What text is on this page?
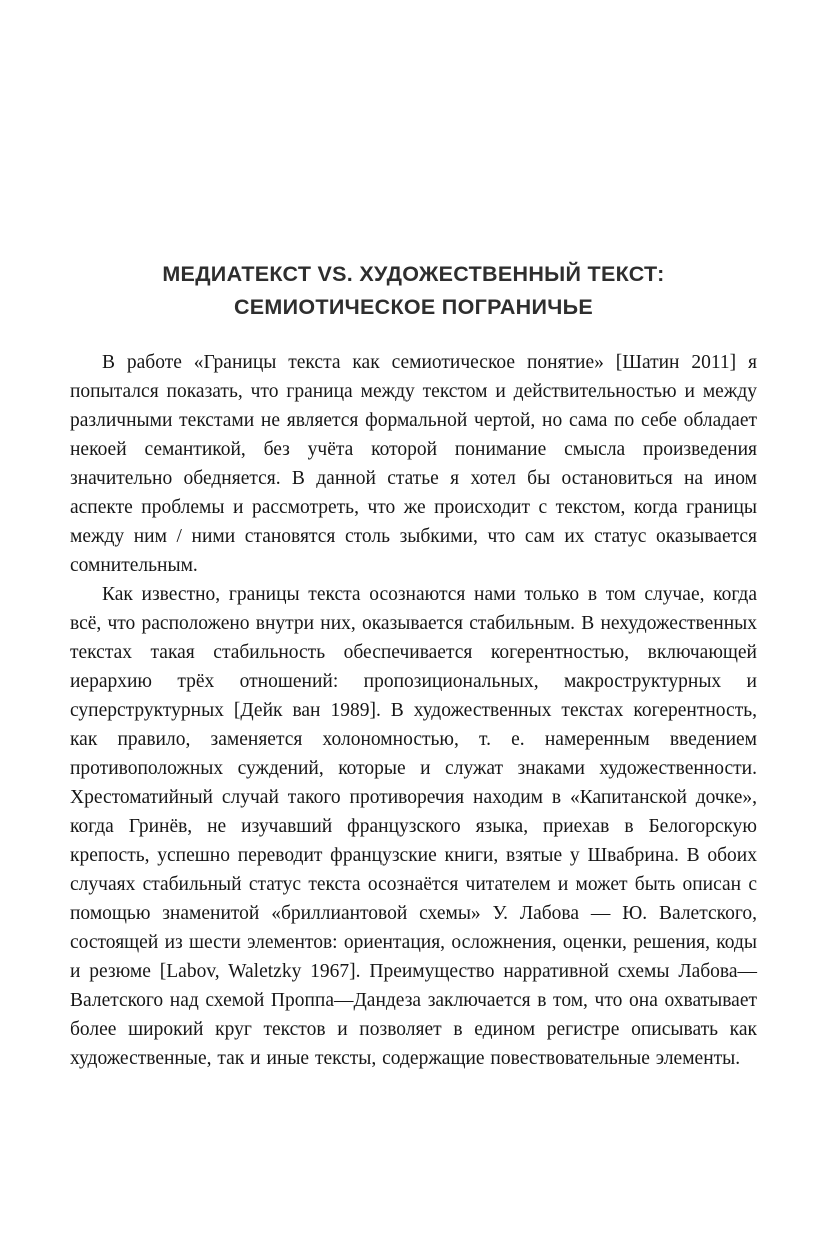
МЕДИАТЕКСТ VS. ХУДОЖЕСТВЕННЫЙ ТЕКСТ:
СЕМИОТИЧЕСКОЕ ПОГРАНИЧЬЕ

В работе «Границы текста как семиотическое понятие» [Шатин 2011] я попытался показать, что граница между текстом и действительностью и между различными текстами не является формальной чертой, но сама по себе обладает некоей семантикой, без учёта которой понимание смысла произведения значительно обедняется. В данной статье я хотел бы остановиться на ином аспекте проблемы и рассмотреть, что же происходит с текстом, когда границы между ним / ними становятся столь зыбкими, что сам их статус оказывается сомнительным.

Как известно, границы текста осознаются нами только в том случае, когда всё, что расположено внутри них, оказывается стабильным. В нехудожественных текстах такая стабильность обеспечивается когерентностью, включающей иерархию трёх отношений: пропозициональных, макроструктурных и суперструктурных [Дейк ван 1989]. В художественных текстах когерентность, как правило, заменяется холономностью, т. е. намеренным введением противоположных суждений, которые и служат знаками художественности. Хрестоматийный случай такого противоречия находим в «Капитанской дочке», когда Гринёв, не изучавший французского языка, приехав в Белогорскую крепость, успешно переводит французские книги, взятые у Швабрина. В обоих случаях стабильный статус текста осознаётся читателем и может быть описан с помощью знаменитой «бриллиантовой схемы» У. Лабова — Ю. Валетского, состоящей из шести элементов: ориентация, осложнения, оценки, решения, коды и резюме [Labov, Waletzky 1967]. Преимущество нарративной схемы Лабова—Валетского над схемой Проппа—Дандеза заключается в том, что она охватывает более широкий круг текстов и позволяет в едином регистре описывать как художественные, так и иные тексты, содержащие повествовательные элементы.
